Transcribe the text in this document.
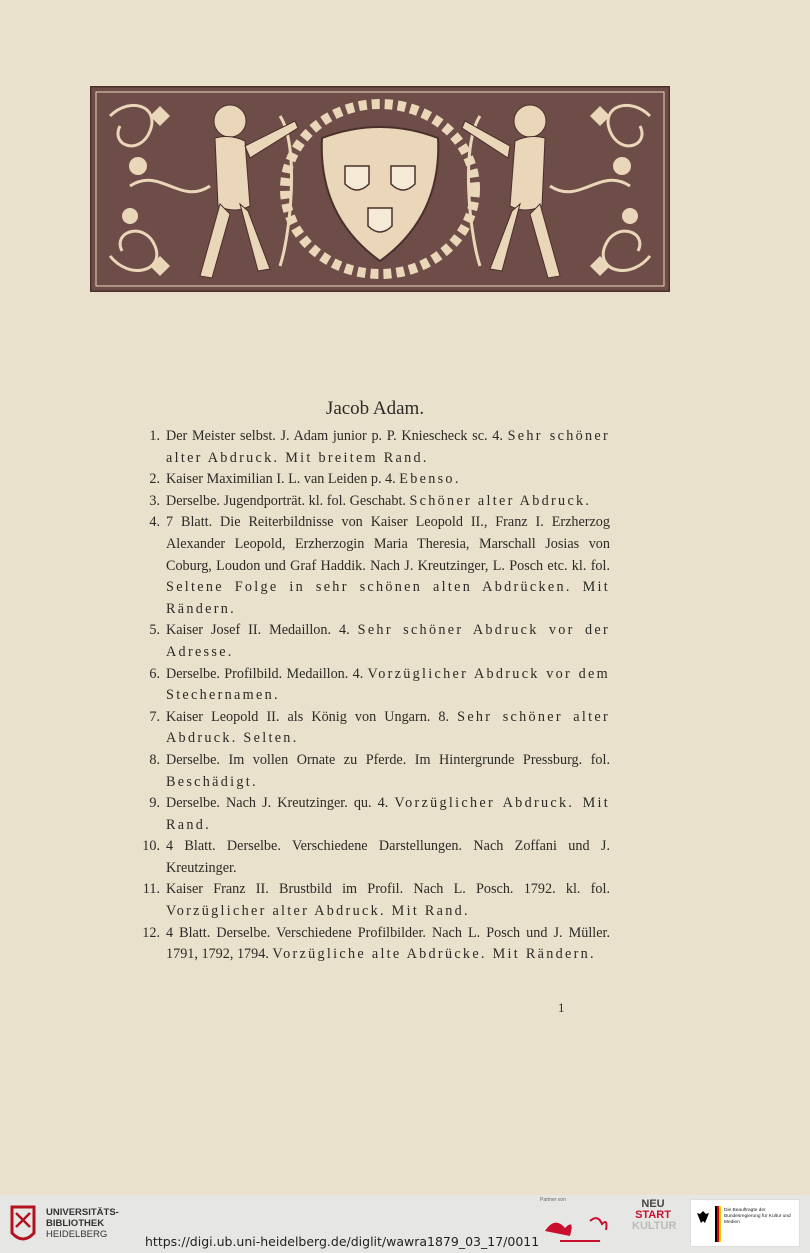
Jacob Adam.
1. Der Meister selbst. J. Adam junior p. P. Kniescheck sc. 4. Sehr schöner alter Abdruck. Mit breitem Rand.
2. Kaiser Maximilian I. L. van Leiden p. 4. Ebenso.
3. Derselbe. Jugendporträt. kl. fol. Geschabt. Schöner alter Abdruck.
4. 7 Blatt. Die Reiterbildnisse von Kaiser Leopold II., Franz I. Erzherzog Alexander Leopold, Erzherzogin Maria Theresia, Marschall Josias von Coburg, Loudon und Graf Haddik. Nach J. Kreutzinger, L. Posch etc. kl. fol. Seltene Folge in sehr schönen alten Abdrücken. Mit Rändern.
5. Kaiser Josef II. Medaillon. 4. Sehr schöner Abdruck vor der Adresse.
6. Derselbe. Profilbild. Medaillon. 4. Vorzüglicher Abdruck vor dem Stechernamen.
7. Kaiser Leopold II. als König von Ungarn. 8. Sehr schöner alter Abdruck. Selten.
8. Derselbe. Im vollen Ornate zu Pferde. Im Hintergrunde Pressburg. fol. Beschädigt.
9. Derselbe. Nach J. Kreutzinger. qu. 4. Vorzüglicher Abdruck. Mit Rand.
10. 4 Blatt. Derselbe. Verschiedene Darstellungen. Nach Zoffani und J. Kreutzinger.
11. Kaiser Franz II. Brustbild im Profil. Nach L. Posch. 1792. kl. fol. Vorzüglicher alter Abdruck. Mit Rand.
12. 4 Blatt. Derselbe. Verschiedene Profilbilder. Nach L. Posch und J. Müller. 1791, 1792, 1794. Vorzügliche alte Abdrücke. Mit Rändern.
1
UNIVERSITÄTS-
BIBLIOTHEK
HEIDELBERG	https://digi.ub.uni-heidelberg.de/diglit/wawra1879_03_17/0011
Partner von	NEU
START
KULTUR
Die Beauftragte der Bundesregierung für Kultur und Medien
